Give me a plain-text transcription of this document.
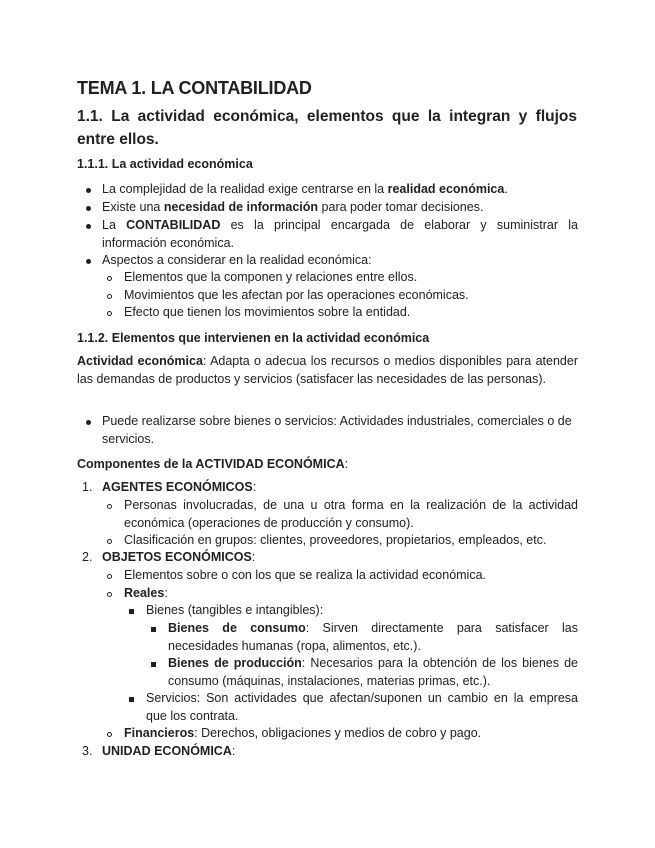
TEMA 1. LA CONTABILIDAD
1.1. La actividad económica, elementos que la integran y flujos entre ellos.
1.1.1. La actividad económica
La complejidad de la realidad exige centrarse en la realidad económica.
Existe una necesidad de información para poder tomar decisiones.
La CONTABILIDAD es la principal encargada de elaborar y suministrar la información económica.
Aspectos a considerar en la realidad económica:
Elementos que la componen y relaciones entre ellos.
Movimientos que les afectan por las operaciones económicas.
Efecto que tienen los movimientos sobre la entidad.
1.1.2. Elementos que intervienen en la actividad económica
Actividad económica: Adapta o adecua los recursos o medios disponibles para atender las demandas de productos y servicios (satisfacer las necesidades de las personas).
Puede realizarse sobre bienes o servicios: Actividades industriales, comerciales o de servicios.
Componentes de la ACTIVIDAD ECONÓMICA:
1. AGENTES ECONÓMICOS:
Personas involucradas, de una u otra forma en la realización de la actividad económica (operaciones de producción y consumo).
Clasificación en grupos: clientes, proveedores, propietarios, empleados, etc.
2. OBJETOS ECONÓMICOS:
Elementos sobre o con los que se realiza la actividad económica.
Reales:
Bienes (tangibles e intangibles):
Bienes de consumo: Sirven directamente para satisfacer las necesidades humanas (ropa, alimentos, etc.).
Bienes de producción: Necesarios para la obtención de los bienes de consumo (máquinas, instalaciones, materias primas, etc.).
Servicios: Son actividades que afectan/suponen un cambio en la empresa que los contrata.
Financieros: Derechos, obligaciones y medios de cobro y pago.
3. UNIDAD ECONÓMICA:
